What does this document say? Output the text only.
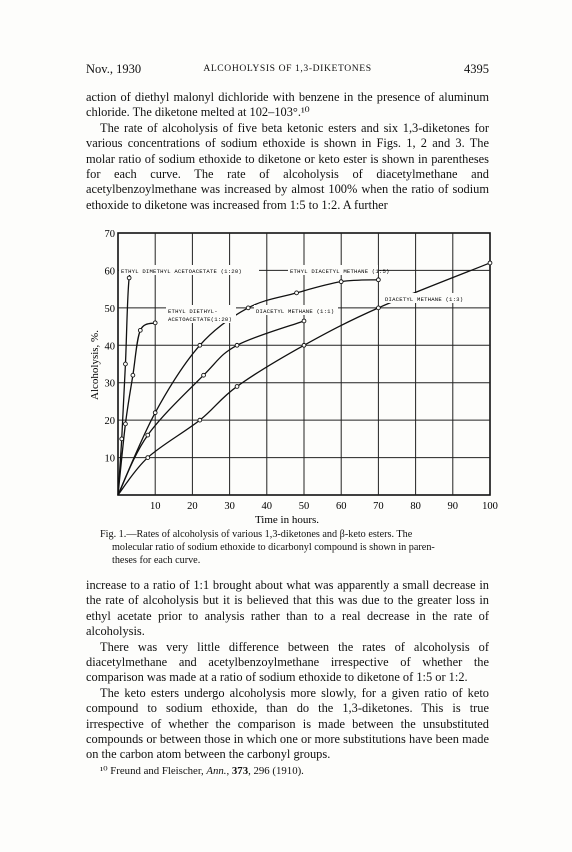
Nov., 1930	ALCOHOLYSIS OF 1,3-DIKETONES	4395

action of diethyl malonyl dichloride with benzene in the presence of aluminum chloride. The diketone melted at 102–103°.¹⁰

The rate of alcoholysis of five beta ketonic esters and six 1,3-diketones for various concentrations of sodium ethoxide is shown in Figs. 1, 2 and 3. The molar ratio of sodium ethoxide to diketone or keto ester is shown in parentheses for each curve. The rate of alcoholysis of diacetylmethane and acetylbenzoylmethane was increased by almost 100% when the ratio of sodium ethoxide to diketone was increased from 1:5 to 1:2. A further

10	20	30	40	50	60	70	80	90 100
10
20
30
40
50
60
70
ETHYL DIMETHYL ACETOACETATE (1:20)
ETHYL DIETHYL-
ACETOACETATE(1:20)
ETHYL DIACETYL METHANE (1:5)
DIACETYL METHANE (1:1)
DIACETYL METHANE (1:3)
Time in hours.
Alcoholysis, %.
Fig. 1.—Rates of alcoholysis of various 1,3-diketones and β-keto esters. The
molecular ratio of sodium ethoxide to dicarbonyl compound is shown in paren-
theses for each curve.

increase to a ratio of 1:1 brought about what was apparently a small decrease in the rate of alcoholysis but it is believed that this was due to the greater loss in ethyl acetate prior to analysis rather than to a real decrease in the rate of alcoholysis.

There was very little difference between the rates of alcoholysis of diacetylmethane and acetylbenzoylmethane irrespective of whether the comparison was made at a ratio of sodium ethoxide to diketone of 1:5 or 1:2.

The keto esters undergo alcoholysis more slowly, for a given ratio of keto compound to sodium ethoxide, than do the 1,3-diketones. This is true irrespective of whether the comparison is made between the unsubstituted compounds or between those in which one or more substitutions have been made on the carbon atom between the carbonyl groups.

¹⁰ Freund and Fleischer, Ann., 373, 296 (1910).
